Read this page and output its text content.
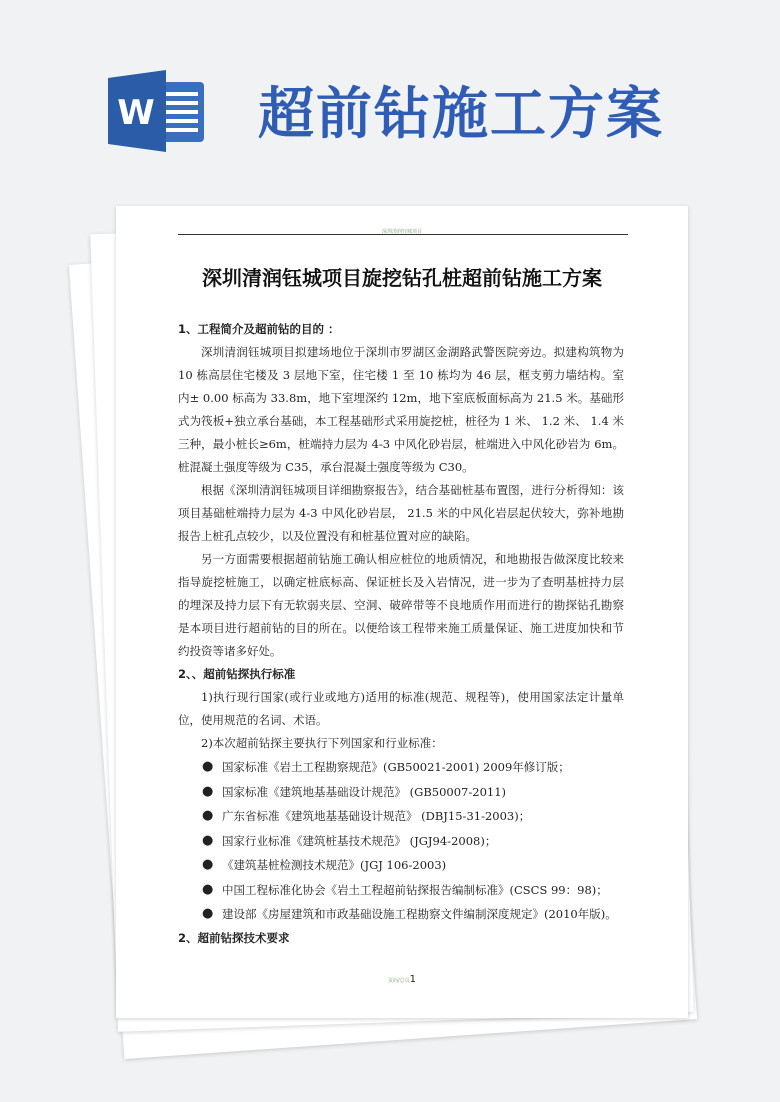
W 超前钻施工方案
深圳清润钰城项目
深圳清润钰城项目旋挖钻孔桩超前钻施工方案

1、工程简介及超前钻的目的 ：

深圳清润钰城项目拟建场地位于深圳市罗湖区金湖路武警医院旁边。拟建构筑物为 10 栋高层住宅楼及 3 层地下室，住宅楼 1 至 10 栋均为 46 层，框支剪力墙结构。室内± 0.00 标高为 33.8m，地下室埋深约 12m，地下室底板面标高为 21.5 米。基础形式为筏板+独立承台基础，本工程基础形式采用旋挖桩，桩径为 1 米、 1.2 米、 1.4 米三种，最小桩长≥6m，桩端持力层为 4-3 中风化砂岩层，桩端进入中风化砂岩为 6m。桩混凝土强度等级为 C35，承台混凝土强度等级为 C30。

根据《深圳清润钰城项目详细勘察报告》，结合基础桩基布置图，进行分析得知：该项目基础桩端持力层为 4-3 中风化砂岩层， 21.5 米的中风化岩层起伏较大，弥补地勘报告上桩孔点较少，以及位置没有和桩基位置对应的缺陷。

另一方面需要根据超前钻施工确认相应桩位的地质情况，和地勘报告做深度比较来指导旋挖桩施工，以确定桩底标高、保证桩长及入岩情况，进一步为了查明基桩持力层的埋深及持力层下有无软弱夹层、空洞、破碎带等不良地质作用而进行的勘探钻孔勘察是本项目进行超前钻的目的所在。以便给该工程带来施工质量保证、施工进度加快和节约投资等诸多好处。

2、、超前钻探执行标准

1)执行现行国家(或行业或地方)适用的标准(规范、规程等)，使用国家法定计量单位，使用规范的名词、术语。

2)本次超前钻探主要执行下列国家和行业标准：

● 国家标准《岩土工程勘察规范》(GB50021-2001) 2009年修订版；
● 国家标准《建筑地基基础设计规范》 (GB50007-2011)
● 广东省标准《建筑地基基础设计规范》 (DBJ15-31-2003)；
● 国家行业标准《建筑桩基技术规范》 (JGJ94-2008)；
● 《建筑基桩检测技术规范》(JGJ 106-2003)
● 中国工程标准化协会《岩土工程超前钻探报告编制标准》(CSCS 99：98)；
● 建设部《房屋建筑和市政基础设施工程勘察文件编制深度规定》(2010年版)。

2、超前钻探技术要求

页码/总页1
